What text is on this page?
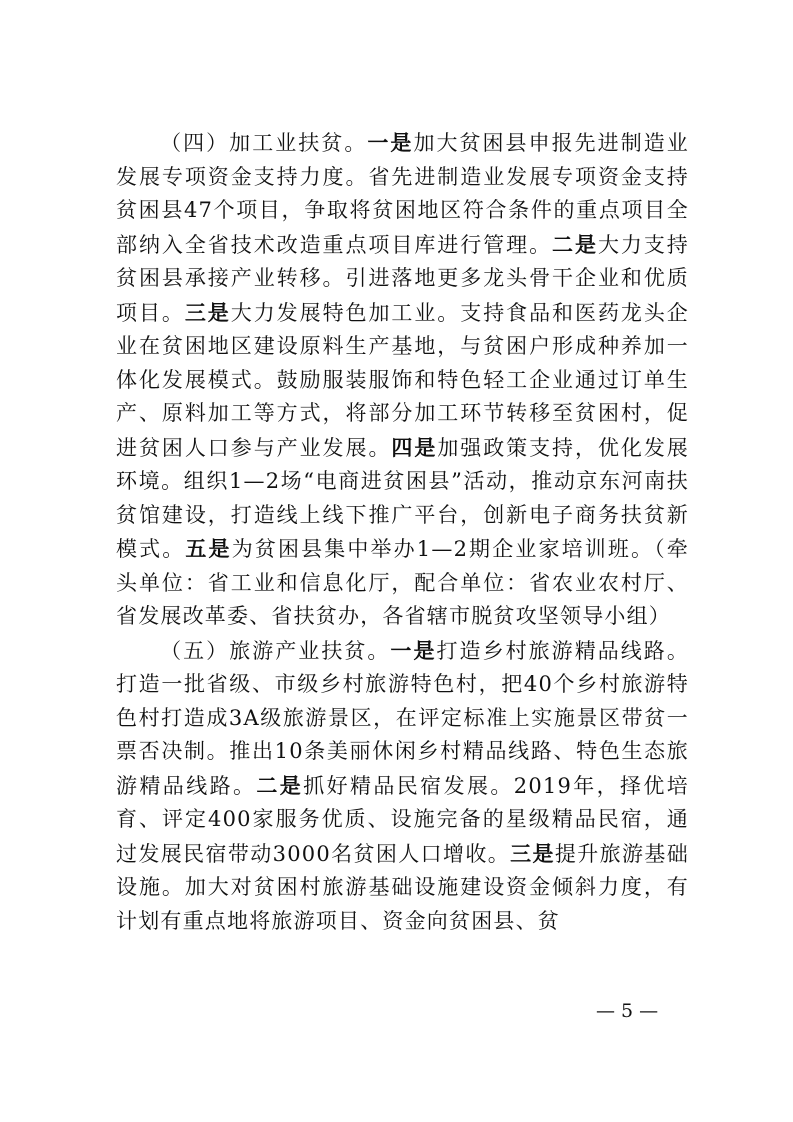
（四）加工业扶贫。一是加大贫困县申报先进制造业发展专项资金支持力度。省先进制造业发展专项资金支持贫困县47个项目，争取将贫困地区符合条件的重点项目全部纳入全省技术改造重点项目库进行管理。二是大力支持贫困县承接产业转移。引进落地更多龙头骨干企业和优质项目。三是大力发展特色加工业。支持食品和医药龙头企业在贫困地区建设原料生产基地，与贫困户形成种养加一体化发展模式。鼓励服装服饰和特色轻工企业通过订单生产、原料加工等方式，将部分加工环节转移至贫困村，促进贫困人口参与产业发展。四是加强政策支持，优化发展环境。组织1—2场“电商进贫困县”活动，推动京东河南扶贫馆建设，打造线上线下推广平台，创新电子商务扶贫新模式。五是为贫困县集中举办1—2期企业家培训班。（牵头单位：省工业和信息化厅，配合单位：省农业农村厅、省发展改革委、省扶贫办，各省辖市脱贫攻坚领导小组）

（五）旅游产业扶贫。一是打造乡村旅游精品线路。打造一批省级、市级乡村旅游特色村，把40个乡村旅游特色村打造成3A级旅游景区，在评定标准上实施景区带贫一票否决制。推出10条美丽休闲乡村精品线路、特色生态旅游精品线路。二是抓好精品民宿发展。2019年，择优培育、评定400家服务优质、设施完备的星级精品民宿，通过发展民宿带动3000名贫困人口增收。三是提升旅游基础设施。加大对贫困村旅游基础设施建设资金倾斜力度，有计划有重点地将旅游项目、资金向贫困县、贫

— 5 —
